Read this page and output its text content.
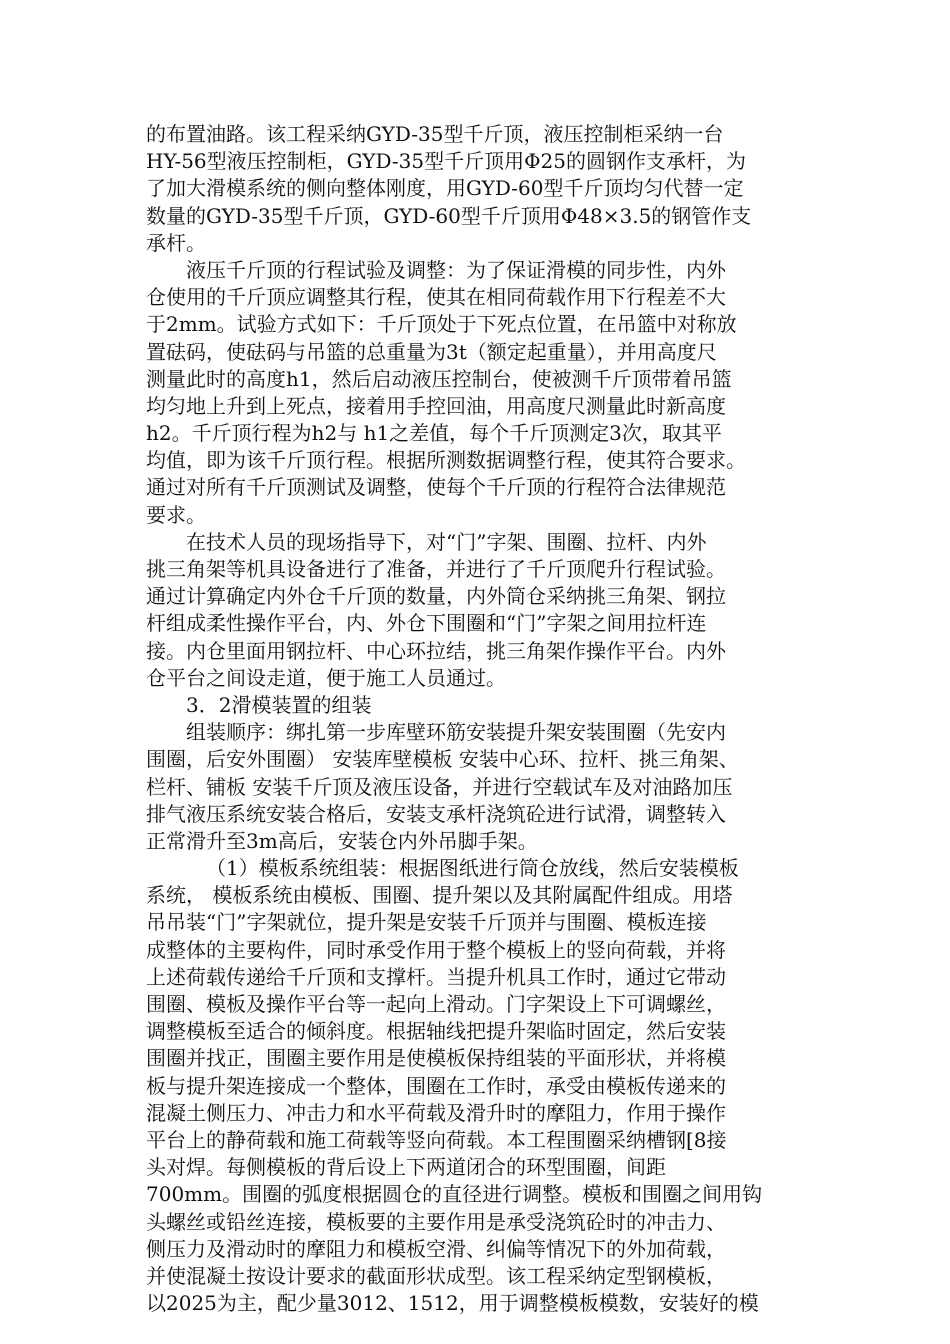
的布置油路。该工程采纳GYD-35型千斤顶，液压控制柜采纳一台
HY-56型液压控制柜，GYD-35型千斤顶用Φ25的圆钢作支承杆，为
了加大滑模系统的侧向整体刚度，用GYD-60型千斤顶均匀代替一定
数量的GYD-35型千斤顶，GYD-60型千斤顶用Φ48×3.5的钢管作支
承杆。
液压千斤顶的行程试验及调整：为了保证滑模的同步性，内外
仓使用的千斤顶应调整其行程，使其在相同荷载作用下行程差不大
于2mm。试验方式如下：千斤顶处于下死点位置，在吊篮中对称放
置砝码，使砝码与吊篮的总重量为3t（额定起重量），并用高度尺
测量此时的高度h1，然后启动液压控制台，使被测千斤顶带着吊篮
均匀地上升到上死点，接着用手控回油，用高度尺测量此时新高度
h2。千斤顶行程为h2与 h1之差值，每个千斤顶测定3次，取其平
均值，即为该千斤顶行程。根据所测数据调整行程，使其符合要求。
通过对所有千斤顶测试及调整，使每个千斤顶的行程符合法律规范
要求。
在技术人员的现场指导下，对“门”字架、围圈、拉杆、内外
挑三角架等机具设备进行了准备，并进行了千斤顶爬升行程试验。
通过计算确定内外仓千斤顶的数量，内外筒仓采纳挑三角架、钢拉
杆组成柔性操作平台，内、外仓下围圈和“门”字架之间用拉杆连
接。内仓里面用钢拉杆、中心环拉结，挑三角架作操作平台。内外
仓平台之间设走道，便于施工人员通过。
3．2滑模装置的组装
组装顺序：绑扎第一步库壁环筋安装提升架安装围圈（先安内
围圈，后安外围圈） 安装库壁模板 安装中心环、拉杆、挑三角架、
栏杆、铺板 安装千斤顶及液压设备，并进行空载试车及对油路加压
排气液压系统安装合格后，安装支承杆浇筑砼进行试滑，调整转入
正常滑升至3m高后，安装仓内外吊脚手架。
（1）模板系统组装：根据图纸进行筒仓放线，然后安装模板
系统， 模板系统由模板、围圈、提升架以及其附属配件组成。用塔
吊吊装“门”字架就位，提升架是安装千斤顶并与围圈、模板连接
成整体的主要构件，同时承受作用于整个模板上的竖向荷载，并将
上述荷载传递给千斤顶和支撑杆。当提升机具工作时，通过它带动
围圈、模板及操作平台等一起向上滑动。门字架设上下可调螺丝，
调整模板至适合的倾斜度。根据轴线把提升架临时固定，然后安装
围圈并找正，围圈主要作用是使模板保持组装的平面形状，并将模
板与提升架连接成一个整体，围圈在工作时，承受由模板传递来的
混凝土侧压力、冲击力和水平荷载及滑升时的摩阻力，作用于操作
平台上的静荷载和施工荷载等竖向荷载。本工程围圈采纳槽钢[8接
头对焊。每侧模板的背后设上下两道闭合的环型围圈，间距
700mm。围圈的弧度根据圆仓的直径进行调整。模板和围圈之间用钩
头螺丝或铅丝连接，模板要的主要作用是承受浇筑砼时的冲击力、
侧压力及滑动时的摩阻力和模板空滑、纠偏等情况下的外加荷载，
并使混凝土按设计要求的截面形状成型。该工程采纳定型钢模板，
以2025为主，配少量3012、1512，用于调整模板模数，安装好的模
